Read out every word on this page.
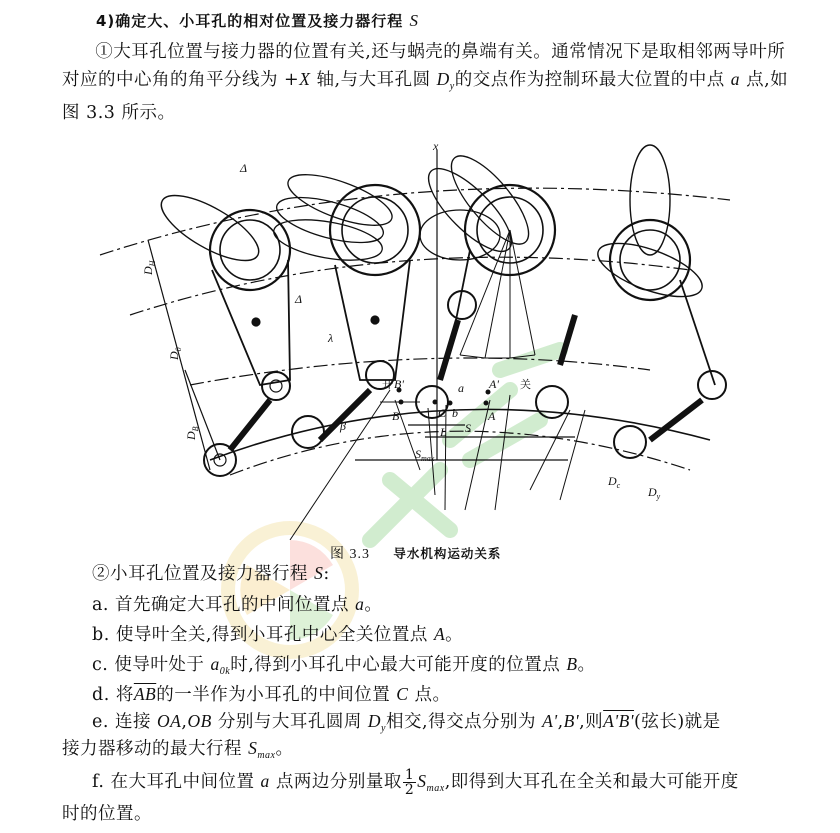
4)确定大、小耳孔的相对位置及接力器行程 S
①大耳孔位置与接力器的位置有关,还与蜗壳的鼻端有关。通常情况下是取相邻两导叶所对应的中心角的角平分线为 +X 轴,与大耳孔圆 $D_y$的交点作为控制环最大位置的中点 a 点,如图 3.3 所示。
x
Δ
Δ
$D_H$
$D_0$
$D_B$
λ
β
开 B'
B
a
C b
A'
A
关
L S
$S_{max}$
$D_c$ $D_y$
图 3.3 导水机构运动关系
②小耳孔位置及接力器行程 S:
a. 首先确定大耳孔的中间位置点 a。
b. 使导叶全关,得到小耳孔中心全关位置点 A。
c. 使导叶处于 $a_{0k}$时,得到小耳孔中心最大可能开度的位置点 B。
d. 将$\overline{AB}$的一半作为小耳孔的中间位置 C 点。
e. 连接 OA,OB 分别与大耳孔圆周 $D_y$相交,得交点分别为 A',B',则A'B'(弦长)就是
接力器移动的最大行程 $S_{max}$。
f. 在大耳孔中间位置 a 点两边分别量取 $\frac{1}{2} S_{max}$,即得到大耳孔在全关和最大可能开度
时的位置。
